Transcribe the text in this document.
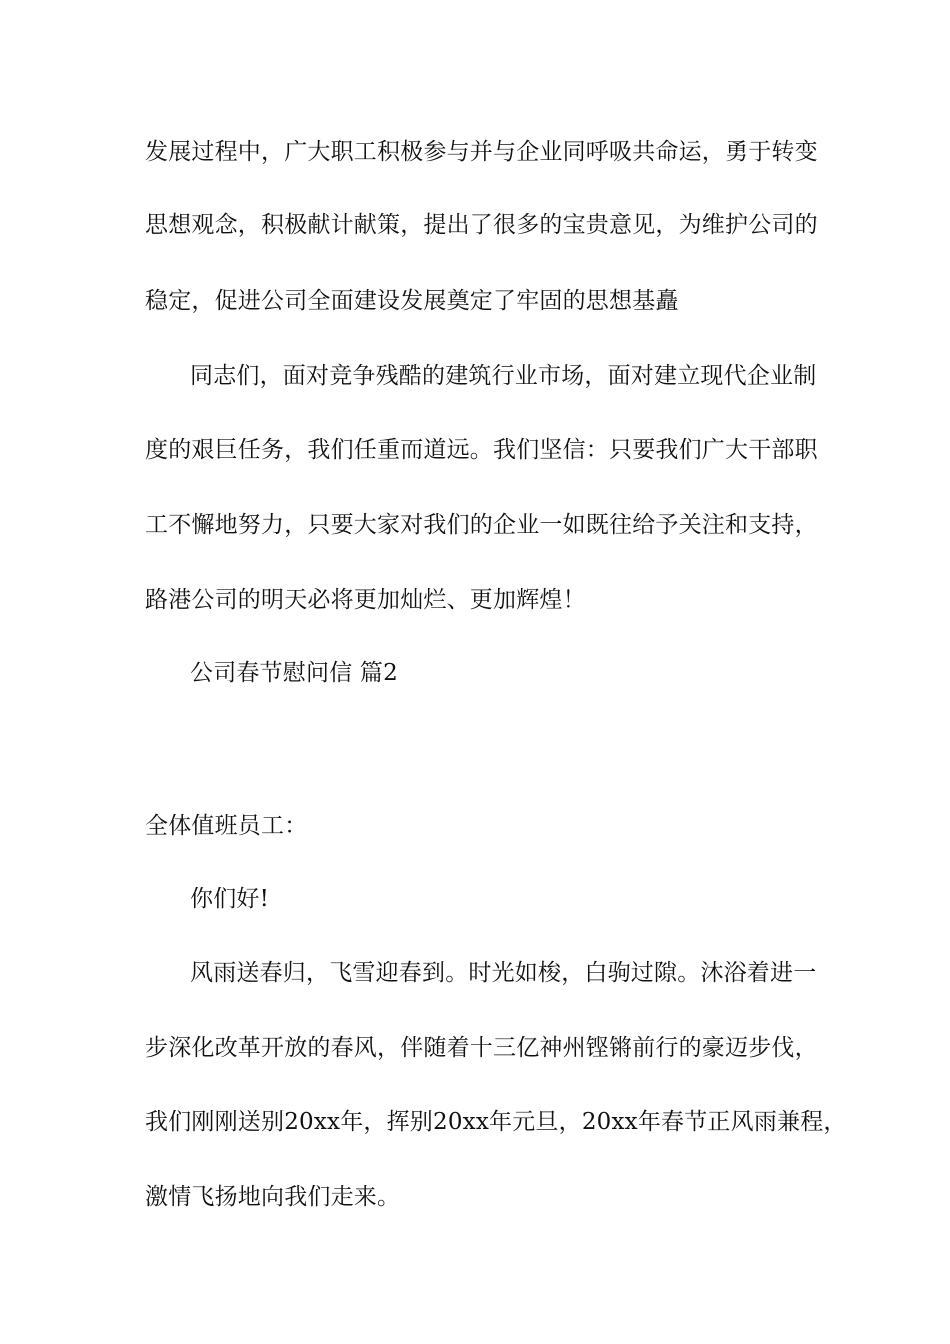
发展过程中，广大职工积极参与并与企业同呼吸共命运，勇于转变
思想观念，积极献计献策，提出了很多的宝贵意见，为维护公司的
稳定，促进公司全面建设发展奠定了牢固的思想基矗
同志们，面对竞争残酷的建筑行业市场，面对建立现代企业制
度的艰巨任务，我们任重而道远。我们坚信：只要我们广大干部职
工不懈地努力，只要大家对我们的企业一如既往给予关注和支持，
路港公司的明天必将更加灿烂、更加辉煌！
公司春节慰问信 篇2
全体值班员工：
你们好!
风雨送春归，飞雪迎春到。时光如梭，白驹过隙。沐浴着进一
步深化改革开放的春风，伴随着十三亿神州铿锵前行的豪迈步伐，
我们刚刚送别20xx年，挥别20xx年元旦，20xx年春节正风雨兼程，
激情飞扬地向我们走来。
